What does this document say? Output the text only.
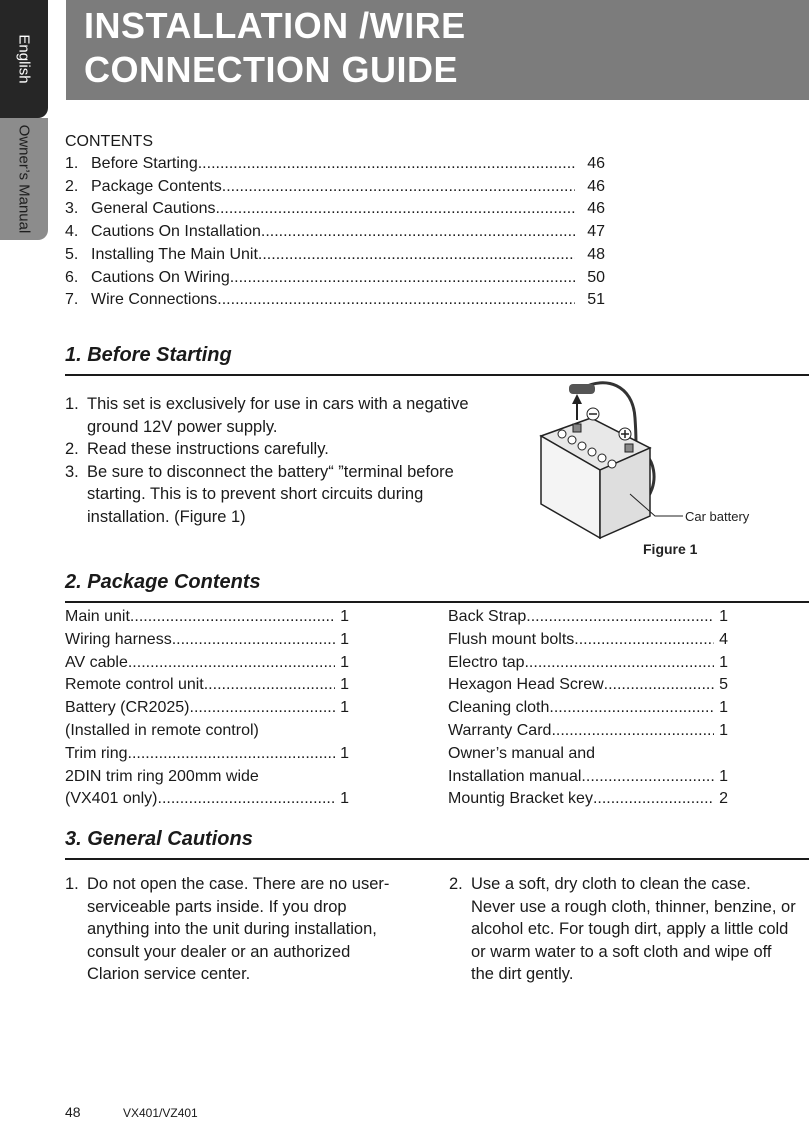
English
Owner’s Manual
INSTALLATION /WIRE
CONNECTION GUIDE
CONTENTS
1. Before Starting .....	46
2. Package Contents .....	46
3. General Cautions .....	46
4. Cautions On Installation .....	47
5. Installing The Main Unit .....	48
6. Cautions On Wiring .....	50
7. Wire Connections .....	51
1. Before Starting
1. This set is exclusively for use in cars with a negative ground 12V power supply.
2. Read these instructions carefully.
3. Be sure to disconnect the battery“ ”terminal before starting. This is to prevent short circuits during installation. (Figure 1)	Car battery
Figure 1
2. Package Contents
Main unit .....	1
Wiring harness .....	1
AV cable .....	1
Remote control unit .....	1
Battery (CR2025) .....	1
(Installed in remote control)
Trim ring .....	1
2DIN trim ring 200mm wide
(VX401 only) .....	1
Back Strap .....	1
Flush mount bolts .....	4
Electro tap .....	1
Hexagon Head Screw .....	5
Cleaning cloth .....	1
Warranty Card .....	1
Owner’s manual and
Installation manual .....	1
Mountig Bracket key .....	2
3. General Cautions
1. Do not open the case. There are no user- serviceable parts inside. If you drop anything into the unit during installation, consult your dealer or an authorized Clarion service center.
2. Use a soft, dry cloth to clean the case. Never use a rough cloth, thinner, benzine, or alcohol etc. For tough dirt, apply a little cold or warm water to a soft cloth and wipe off the dirt gently.
48	VX401/VZ401
